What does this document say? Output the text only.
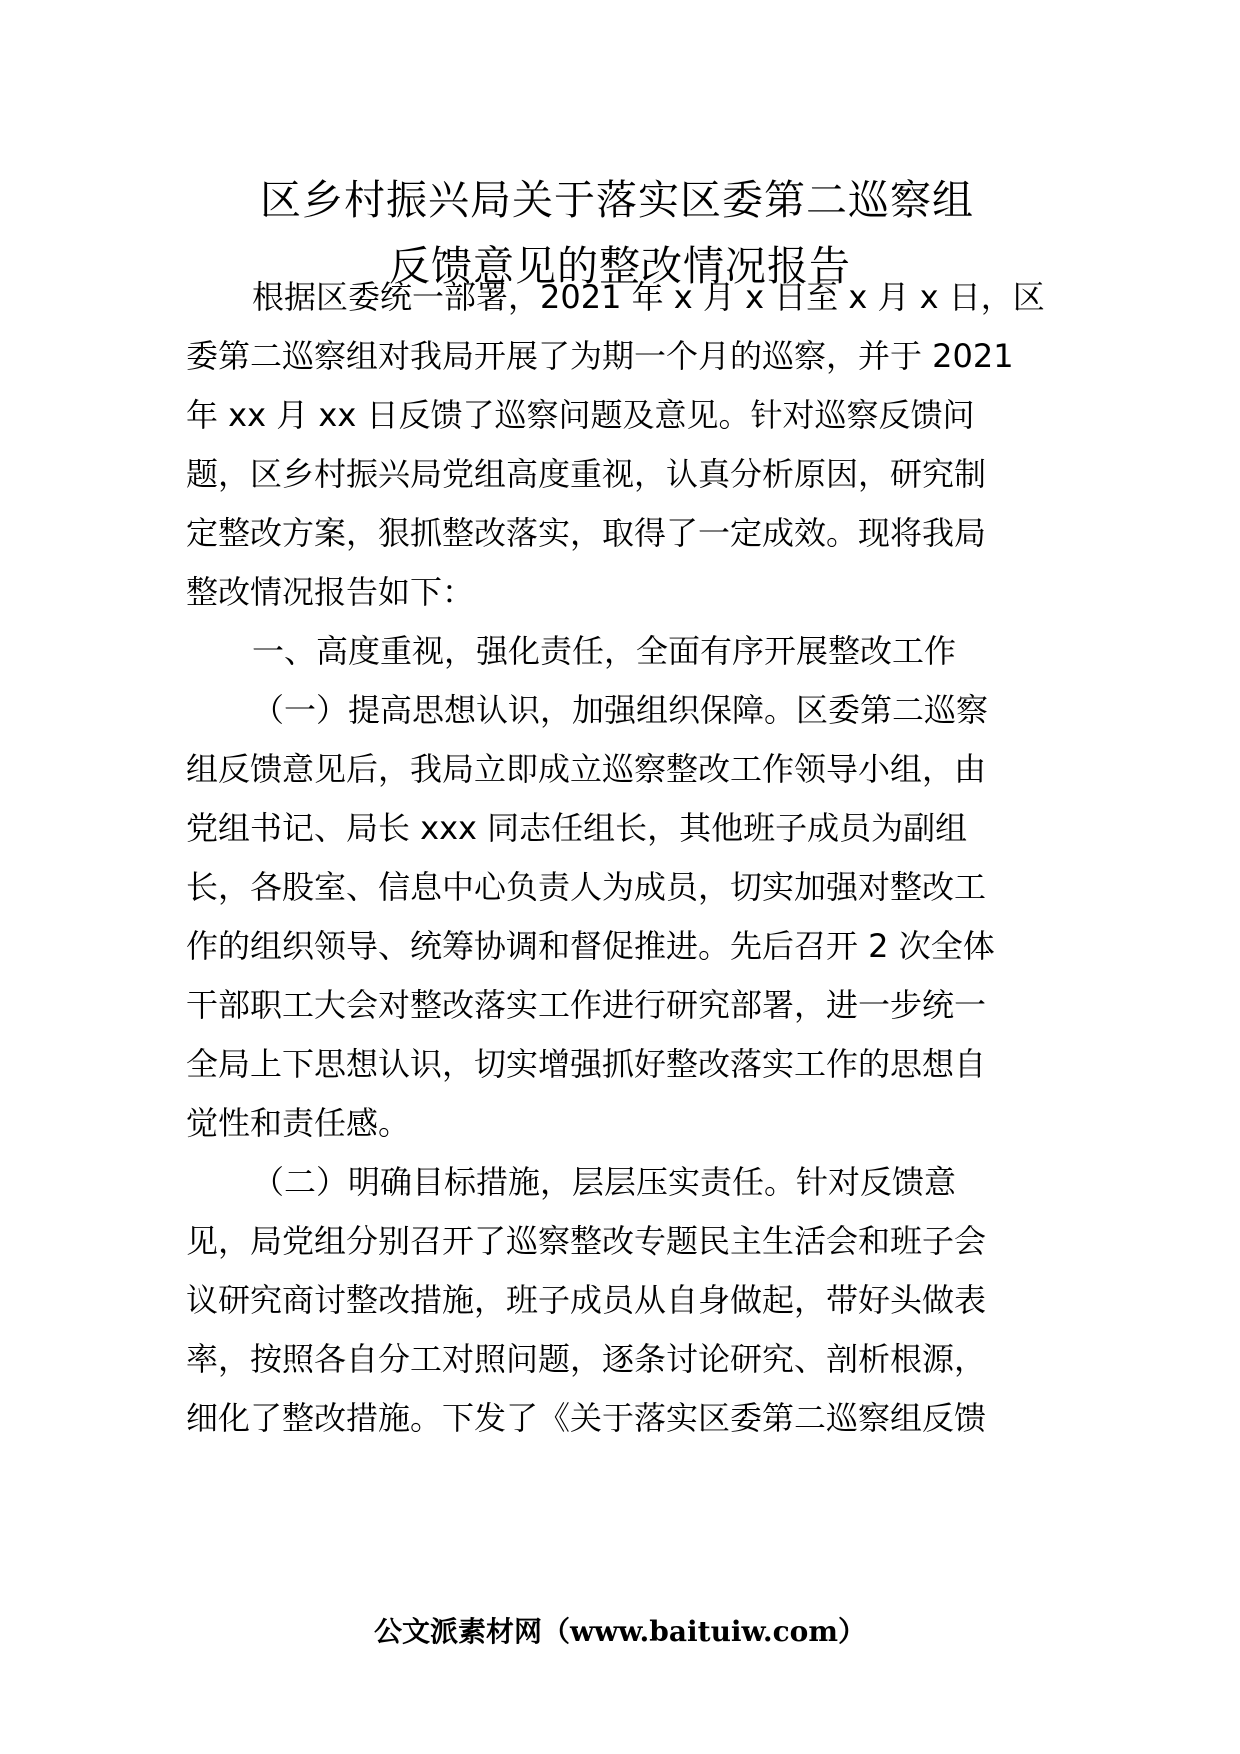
区乡村振兴局关于落实区委第二巡察组
反馈意见的整改情况报告
根据区委统一部署，2021 年 x 月 x 日至 x 月 x 日，区
委第二巡察组对我局开展了为期一个月的巡察，并于 2021
年 xx 月 xx 日反馈了巡察问题及意见。针对巡察反馈问
题，区乡村振兴局党组高度重视，认真分析原因，研究制
定整改方案，狠抓整改落实，取得了一定成效。现将我局
整改情况报告如下：
一、高度重视，强化责任，全面有序开展整改工作
（一）提高思想认识，加强组织保障。区委第二巡察
组反馈意见后，我局立即成立巡察整改工作领导小组，由
党组书记、局长 xxx 同志任组长，其他班子成员为副组
长，各股室、信息中心负责人为成员，切实加强对整改工
作的组织领导、统筹协调和督促推进。先后召开 2 次全体
干部职工大会对整改落实工作进行研究部署，进一步统一
全局上下思想认识，切实增强抓好整改落实工作的思想自
觉性和责任感。
（二）明确目标措施，层层压实责任。针对反馈意
见，局党组分别召开了巡察整改专题民主生活会和班子会
议研究商讨整改措施，班子成员从自身做起，带好头做表
率，按照各自分工对照问题，逐条讨论研究、剖析根源，
细化了整改措施。下发了《关于落实区委第二巡察组反馈
公文派素材网（www.baituiw.com）
